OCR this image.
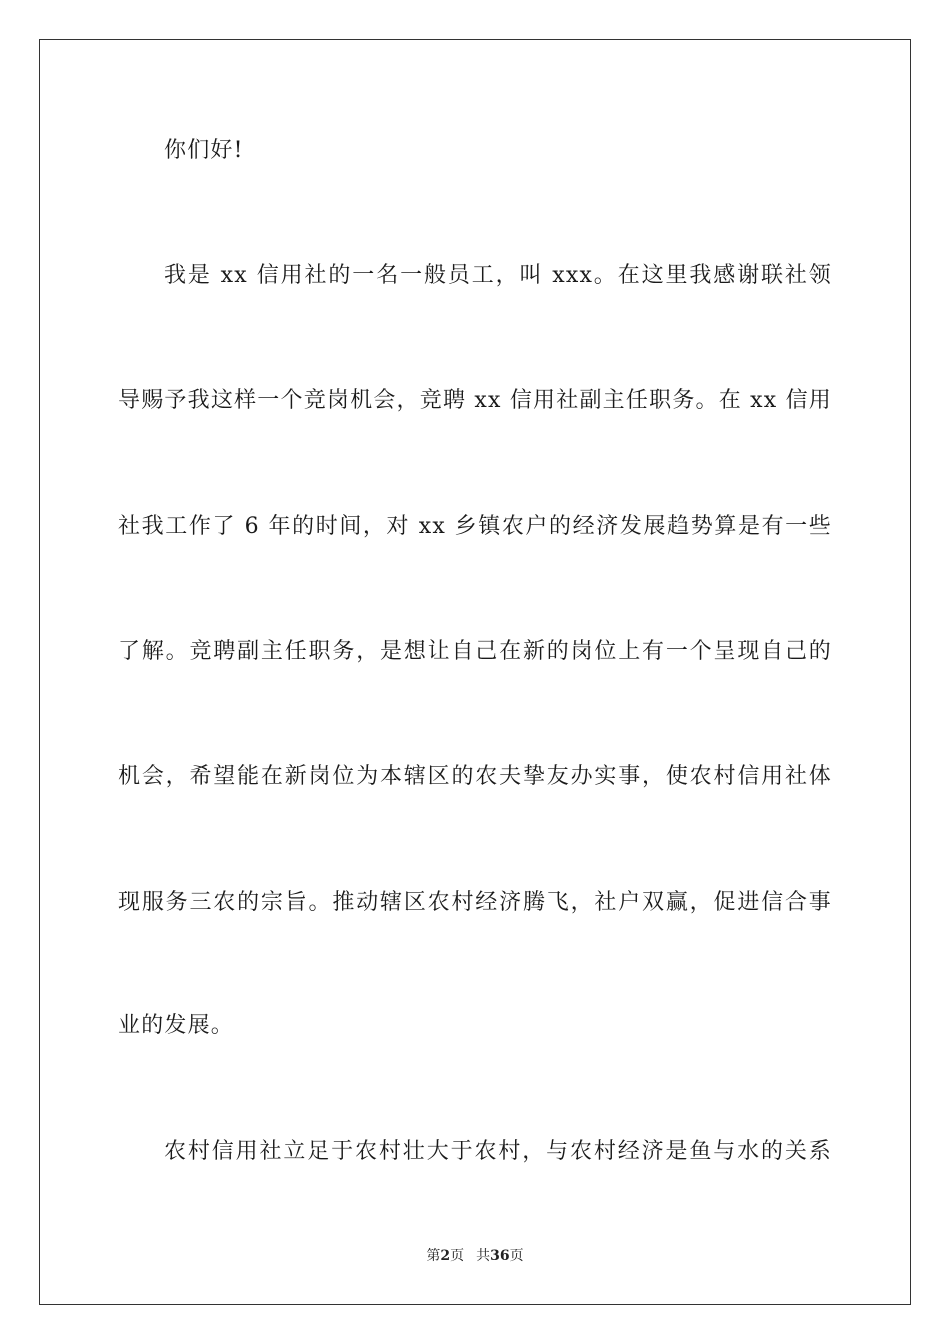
你们好!
我是 xx 信用社的一名一般员工，叫 xxx。在这里我感谢联社领
导赐予我这样一个竞岗机会，竞聘 xx 信用社副主任职务。在 xx 信用
社我工作了 6 年的时间，对 xx 乡镇农户的经济发展趋势算是有一些
了解。竞聘副主任职务，是想让自己在新的岗位上有一个呈现自己的
机会，希望能在新岗位为本辖区的农夫挚友办实事，使农村信用社体
现服务三农的宗旨。推动辖区农村经济腾飞，社户双赢，促进信合事
业的发展。
农村信用社立足于农村壮大于农村，与农村经济是鱼与水的关系
第2页 共36页
